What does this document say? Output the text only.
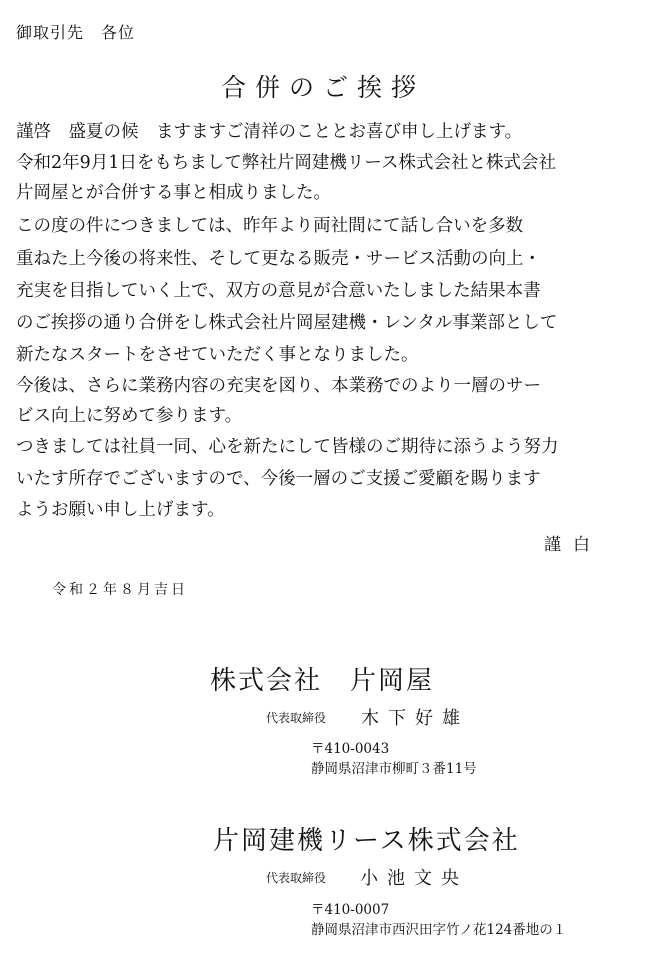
御取引先　各位
合併のご挨拶
謹啓　盛夏の候　ますますご清祥のこととお喜び申し上げます。
令和2年9月1日をもちまして弊社片岡建機リース株式会社と株式会社
片岡屋とが合併する事と相成りました。
この度の件につきましては、昨年より両社間にて話し合いを多数
重ねた上今後の将来性、そして更なる販売・サービス活動の向上・
充実を目指していく上で、双方の意見が合意いたしました結果本書
のご挨拶の通り合併をし株式会社片岡屋建機・レンタル事業部として
新たなスタートをさせていただく事となりました。
今後は、さらに業務内容の充実を図り、本業務でのより一層のサー
ビス向上に努めて参ります。
つきましては社員一同、心を新たにして皆様のご期待に添うよう努力
いたす所存でございますので、今後一層のご支援ご愛顧を賜ります
ようお願い申し上げます。
謹白
令和２年８月吉日
株式会社　片岡屋
代表取締役 木下好雄
〒410-0043
静岡県沼津市柳町３番11号
片岡建機リース株式会社
代表取締役 小池文央
〒410-0007
静岡県沼津市西沢田字竹ノ花124番地の１
